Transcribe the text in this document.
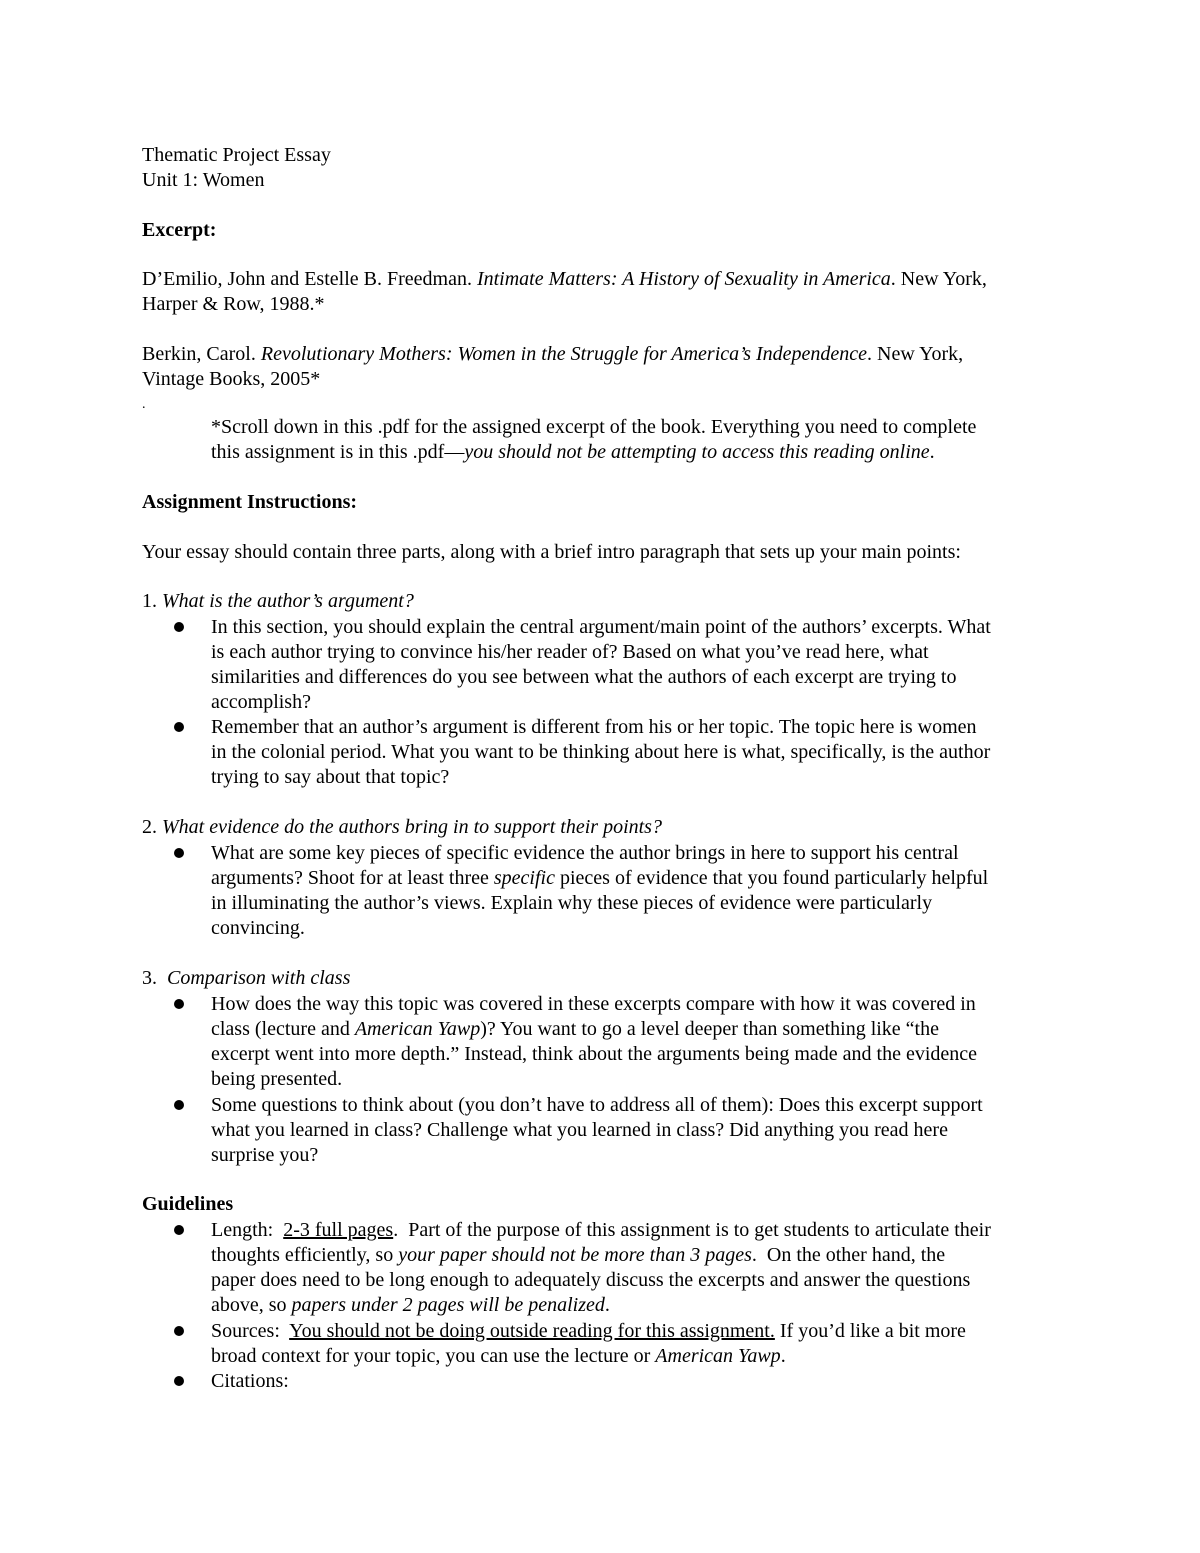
Thematic Project Essay
Unit 1: Women
Excerpt:
D’Emilio, John and Estelle B. Freedman. Intimate Matters: A History of Sexuality in America. New York,
Harper & Row, 1988.*
Berkin, Carol. Revolutionary Mothers: Women in the Struggle for America’s Independence. New York,
Vintage Books, 2005*
.
*Scroll down in this .pdf for the assigned excerpt of the book. Everything you need to complete
this assignment is in this .pdf—you should not be attempting to access this reading online.
Assignment Instructions:
Your essay should contain three parts, along with a brief intro paragraph that sets up your main points:
1. What is the author’s argument?
In this section, you should explain the central argument/main point of the authors’ excerpts. What
is each author trying to convince his/her reader of? Based on what you’ve read here, what
similarities and differences do you see between what the authors of each excerpt are trying to
accomplish?
Remember that an author’s argument is different from his or her topic. The topic here is women
in the colonial period. What you want to be thinking about here is what, specifically, is the author
trying to say about that topic?
2. What evidence do the authors bring in to support their points?
What are some key pieces of specific evidence the author brings in here to support his central
arguments? Shoot for at least three specific pieces of evidence that you found particularly helpful
in illuminating the author’s views. Explain why these pieces of evidence were particularly
convincing.
3. Comparison with class
How does the way this topic was covered in these excerpts compare with how it was covered in
class (lecture and American Yawp)? You want to go a level deeper than something like “the
excerpt went into more depth.” Instead, think about the arguments being made and the evidence
being presented.
Some questions to think about (you don’t have to address all of them): Does this excerpt support
what you learned in class? Challenge what you learned in class? Did anything you read here
surprise you?
Guidelines
Length:  2-3 full pages.  Part of the purpose of this assignment is to get students to articulate their
thoughts efficiently, so your paper should not be more than 3 pages.  On the other hand, the
paper does need to be long enough to adequately discuss the excerpts and answer the questions
above, so papers under 2 pages will be penalized.
Sources:  You should not be doing outside reading for this assignment. If you’d like a bit more
broad context for your topic, you can use the lecture or American Yawp.
Citations:
